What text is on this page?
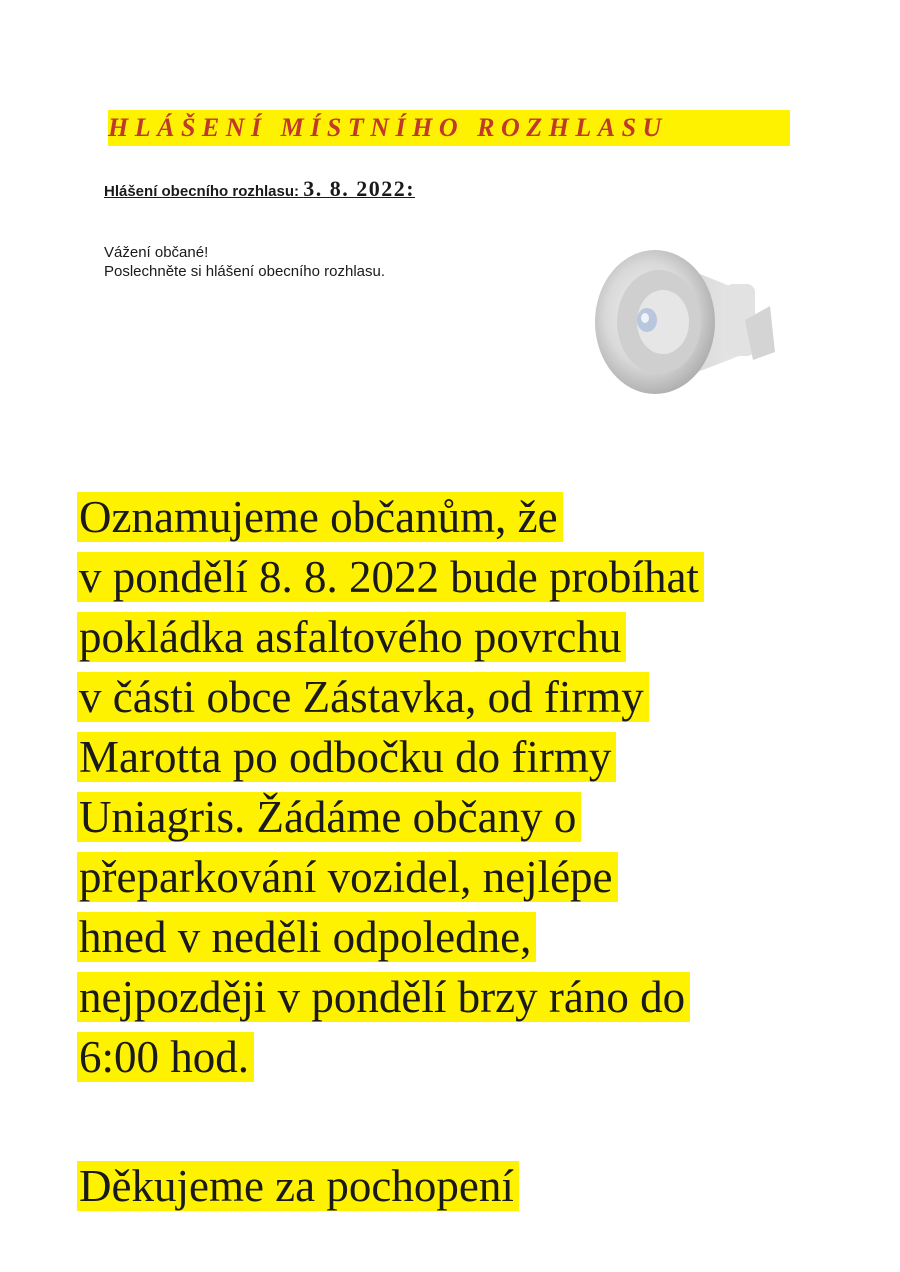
HLÁŠENÍ MÍSTNÍHO ROZHLASU
Hlášení obecního rozhlasu: 3. 8. 2022:

Vážení občané!

Poslechněte si hlášení obecního rozhlasu.

Oznamujeme občanům, že
v pondělí 8. 8. 2022 bude probíhat
pokládka asfaltového povrchu
v části obce Zástavka, od firmy
Marotta po odbočku do firmy
Uniagris. Žádáme občany o
přeparkování vozidel, nejlépe
hned v neděli odpoledne,
nejpozději v pondělí brzy ráno do
6:00 hod.
Děkujeme za pochopení
